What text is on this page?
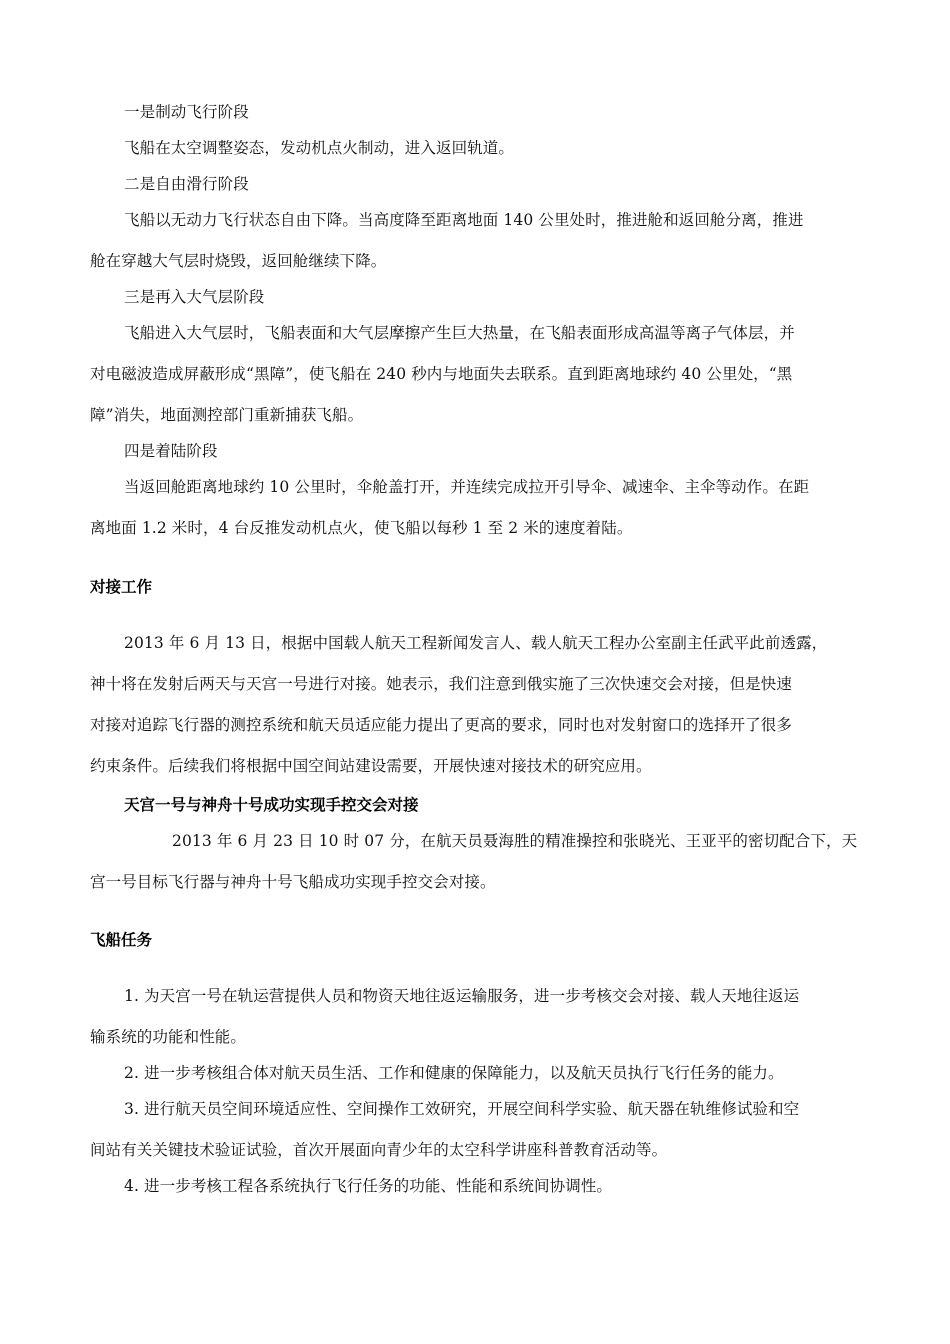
一是制动飞行阶段
飞船在太空调整姿态，发动机点火制动，进入返回轨道。
二是自由滑行阶段
飞船以无动力飞行状态自由下降。当高度降至距离地面 140 公里处时，推进舱和返回舱分离，推进
舱在穿越大气层时烧毁，返回舱继续下降。
三是再入大气层阶段
飞船进入大气层时，飞船表面和大气层摩擦产生巨大热量，在飞船表面形成高温等离子气体层，并
对电磁波造成屏蔽形成“黑障”，使飞船在 240 秒内与地面失去联系。直到距离地球约 40 公里处，“黑
障”消失，地面测控部门重新捕获飞船。
四是着陆阶段
当返回舱距离地球约 10 公里时，伞舱盖打开，并连续完成拉开引导伞、减速伞、主伞等动作。在距
离地面 1.2 米时，4 台反推发动机点火，使飞船以每秒 1 至 2 米的速度着陆。
对接工作
2013 年 6 月 13 日，根据中国载人航天工程新闻发言人、载人航天工程办公室副主任武平此前透露，
神十将在发射后两天与天宫一号进行对接。她表示，我们注意到俄实施了三次快速交会对接，但是快速
对接对追踪飞行器的测控系统和航天员适应能力提出了更高的要求，同时也对发射窗口的选择开了很多
约束条件。后续我们将根据中国空间站建设需要，开展快速对接技术的研究应用。
天宫一号与神舟十号成功实现手控交会对接
2013 年 6 月 23 日 10 时 07 分，在航天员聂海胜的精准操控和张晓光、王亚平的密切配合下，天
宫一号目标飞行器与神舟十号飞船成功实现手控交会对接。
飞船任务
1. 为天宫一号在轨运营提供人员和物资天地往返运输服务，进一步考核交会对接、载人天地往返运
输系统的功能和性能。
2. 进一步考核组合体对航天员生活、工作和健康的保障能力，以及航天员执行飞行任务的能力。
3. 进行航天员空间环境适应性、空间操作工效研究，开展空间科学实验、航天器在轨维修试验和空
间站有关关键技术验证试验，首次开展面向青少年的太空科学讲座科普教育活动等。
4. 进一步考核工程各系统执行飞行任务的功能、性能和系统间协调性。
